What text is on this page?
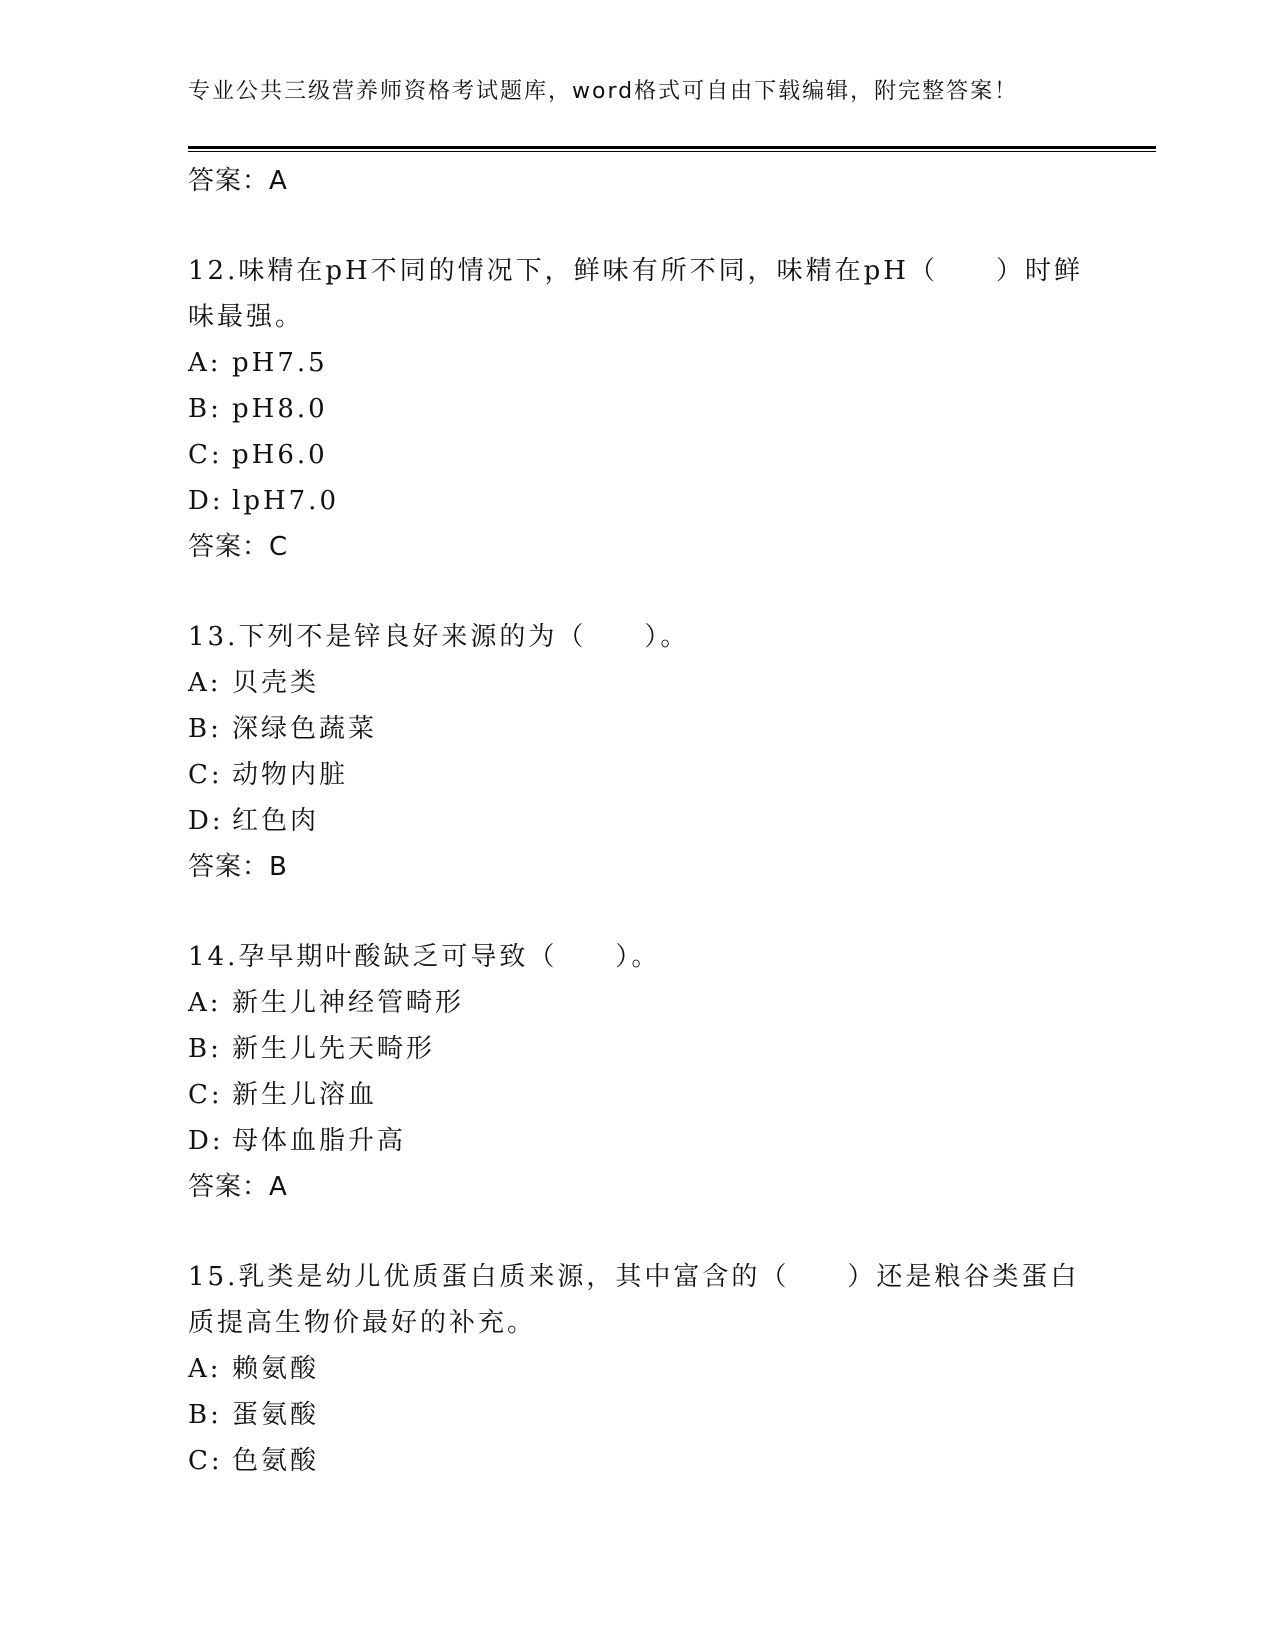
专业公共三级营养师资格考试题库，word格式可自由下载编辑，附完整答案！
答案：A
12.味精在pH不同的情况下，鲜味有所不同，味精在pH（　　）时鲜味最强。
A: pH7.5
B: pH8.0
C: pH6.0
D: lpH7.0
答案：C
13.下列不是锌良好来源的为（　　）。
A: 贝壳类
B: 深绿色蔬菜
C: 动物内脏
D: 红色肉
答案：B
14.孕早期叶酸缺乏可导致（　　）。
A: 新生儿神经管畸形
B: 新生儿先天畸形
C: 新生儿溶血
D: 母体血脂升高
答案：A
15.乳类是幼儿优质蛋白质来源，其中富含的（　　）还是粮谷类蛋白质提高生物价最好的补充。
A: 赖氨酸
B: 蛋氨酸
C: 色氨酸
